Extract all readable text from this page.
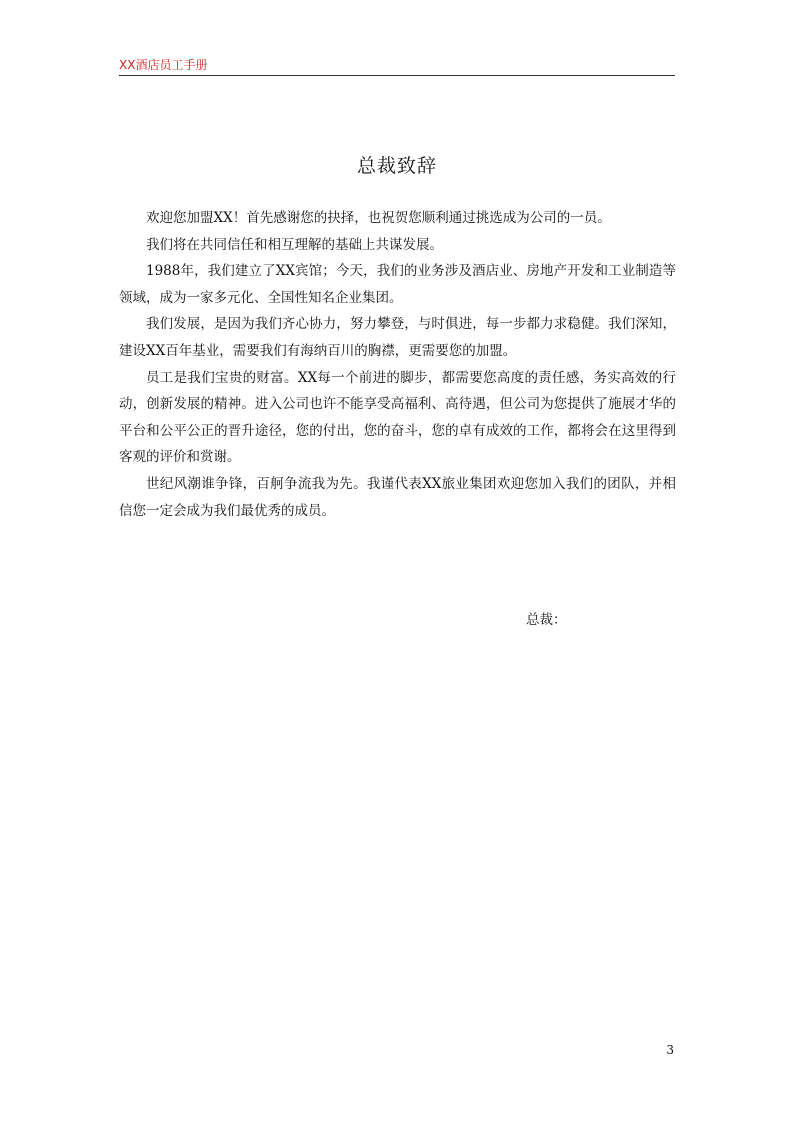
XX酒店员工手册
总裁致辞

欢迎您加盟XX！首先感谢您的抉择，也祝贺您顺利通过挑选成为公司的一员。

我们将在共同信任和相互理解的基础上共谋发展。

1988年，我们建立了XX宾馆；今天，我们的业务涉及酒店业、房地产开发和工业制造等领域，成为一家多元化、全国性知名企业集团。

我们发展，是因为我们齐心协力，努力攀登，与时俱进，每一步都力求稳健。我们深知，建设XX百年基业，需要我们有海纳百川的胸襟，更需要您的加盟。

员工是我们宝贵的财富。XX每一个前进的脚步，都需要您高度的责任感，务实高效的行动，创新发展的精神。进入公司也许不能享受高福利、高待遇，但公司为您提供了施展才华的平台和公平公正的晋升途径，您的付出，您的奋斗，您的卓有成效的工作，都将会在这里得到客观的评价和赏谢。

世纪风潮谁争锋，百舸争流我为先。我谨代表XX旅业集团欢迎您加入我们的团队，并相信您一定会成为我们最优秀的成员。

总裁：
3
